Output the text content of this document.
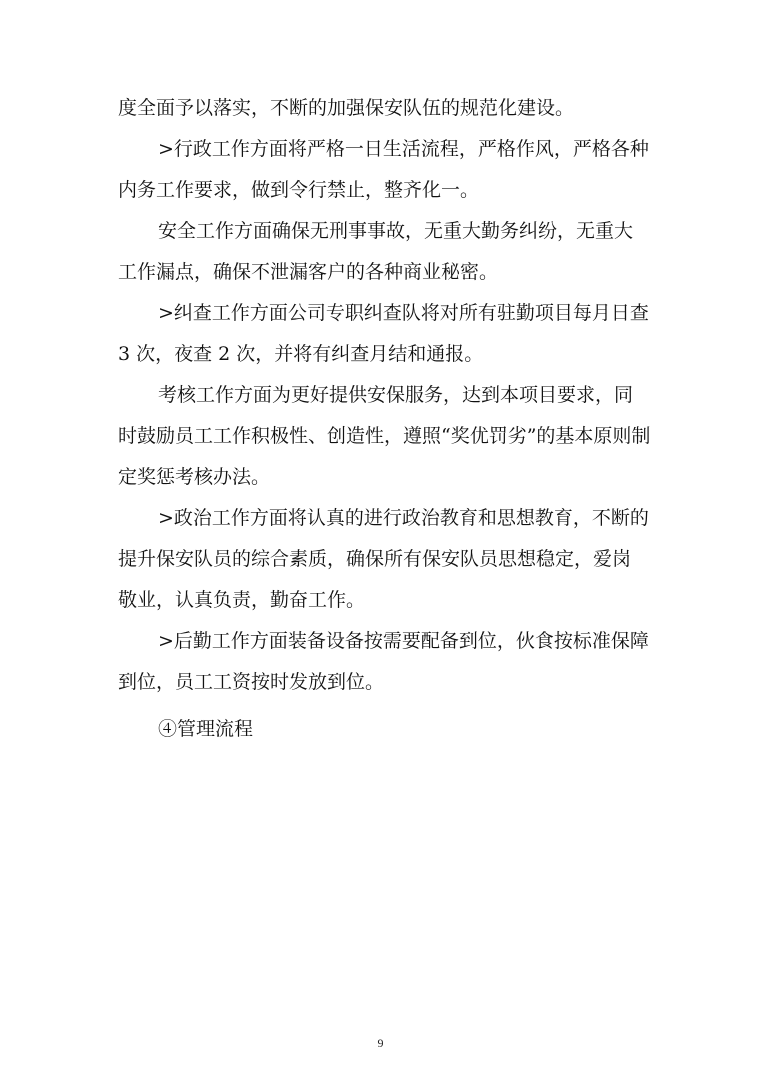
度全面予以落实，不断的加强保安队伍的规范化建设。
>行政工作方面将严格一日生活流程，严格作风，严格各种
内务工作要求，做到令行禁止，整齐化一。
安全工作方面确保无刑事事故，无重大勤务纠纷，无重大
工作漏点，确保不泄漏客户的各种商业秘密。
>纠查工作方面公司专职纠查队将对所有驻勤项目每月日查
3 次，夜查 2 次，并将有纠查月结和通报。
考核工作方面为更好提供安保服务，达到本项目要求，同
时鼓励员工工作积极性、创造性，遵照“奖优罚劣”的基本原则制
定奖惩考核办法。
>政治工作方面将认真的进行政治教育和思想教育，不断的
提升保安队员的综合素质，确保所有保安队员思想稳定，爱岗
敬业，认真负责，勤奋工作。
>后勤工作方面装备设备按需要配备到位，伙食按标准保障
到位，员工工资按时发放到位。
④管理流程
9
